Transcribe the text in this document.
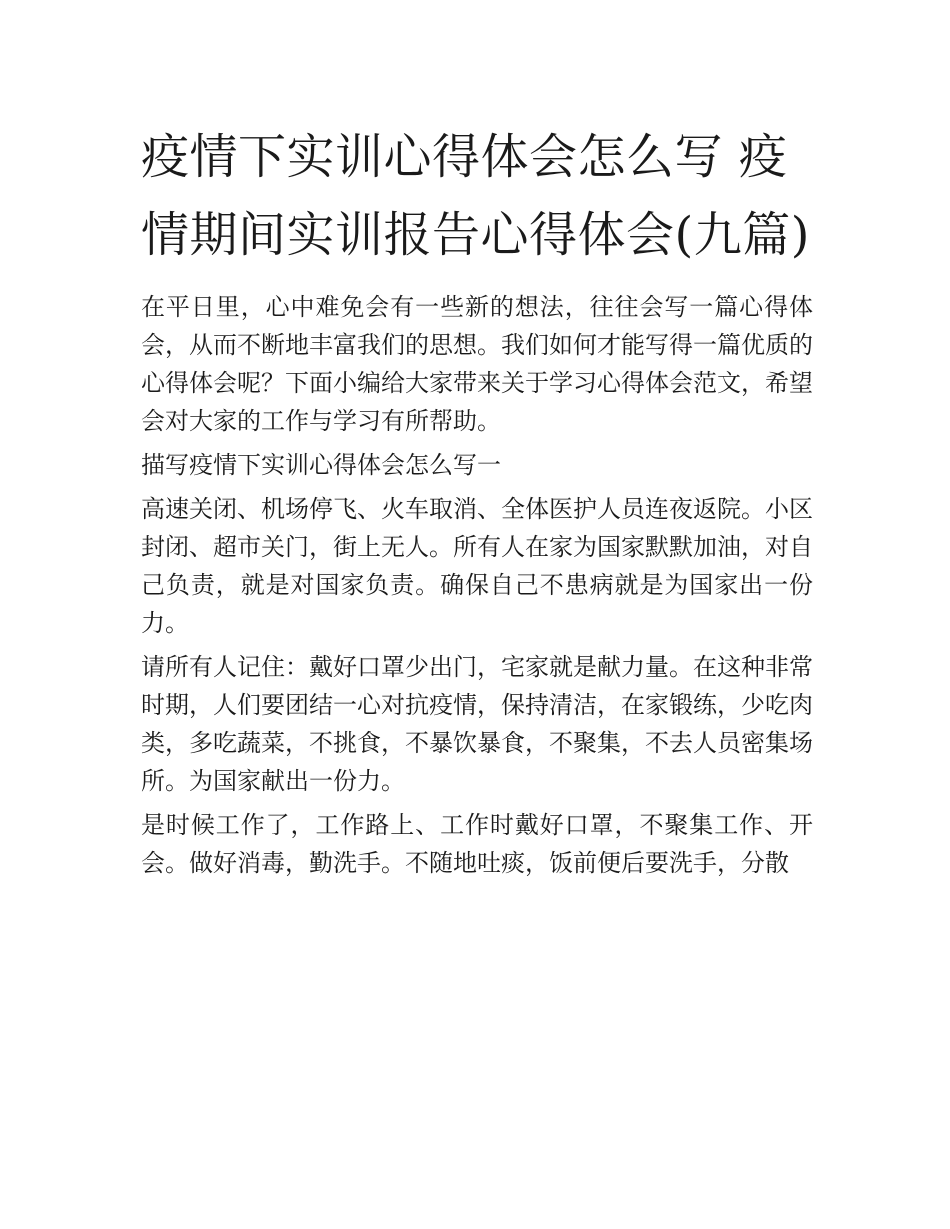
疫情下实训心得体会怎么写 疫情期间实训报告心得体会(九篇)

在平日里，心中难免会有一些新的想法，往往会写一篇心得体会，从而不断地丰富我们的思想。我们如何才能写得一篇优质的心得体会呢？下面小编给大家带来关于学习心得体会范文，希望会对大家的工作与学习有所帮助。

描写疫情下实训心得体会怎么写一

高速关闭、机场停飞、火车取消、全体医护人员连夜返院。小区封闭、超市关门，街上无人。所有人在家为国家默默加油，对自己负责，就是对国家负责。确保自己不患病就是为国家出一份力。

请所有人记住：戴好口罩少出门，宅家就是献力量。在这种非常时期，人们要团结一心对抗疫情，保持清洁，在家锻练，少吃肉类，多吃蔬菜，不挑食，不暴饮暴食，不聚集，不去人员密集场所。为国家献出一份力。

是时候工作了，工作路上、工作时戴好口罩，不聚集工作、开会。做好消毒，勤洗手。不随地吐痰，饭前便后要洗手，分散
